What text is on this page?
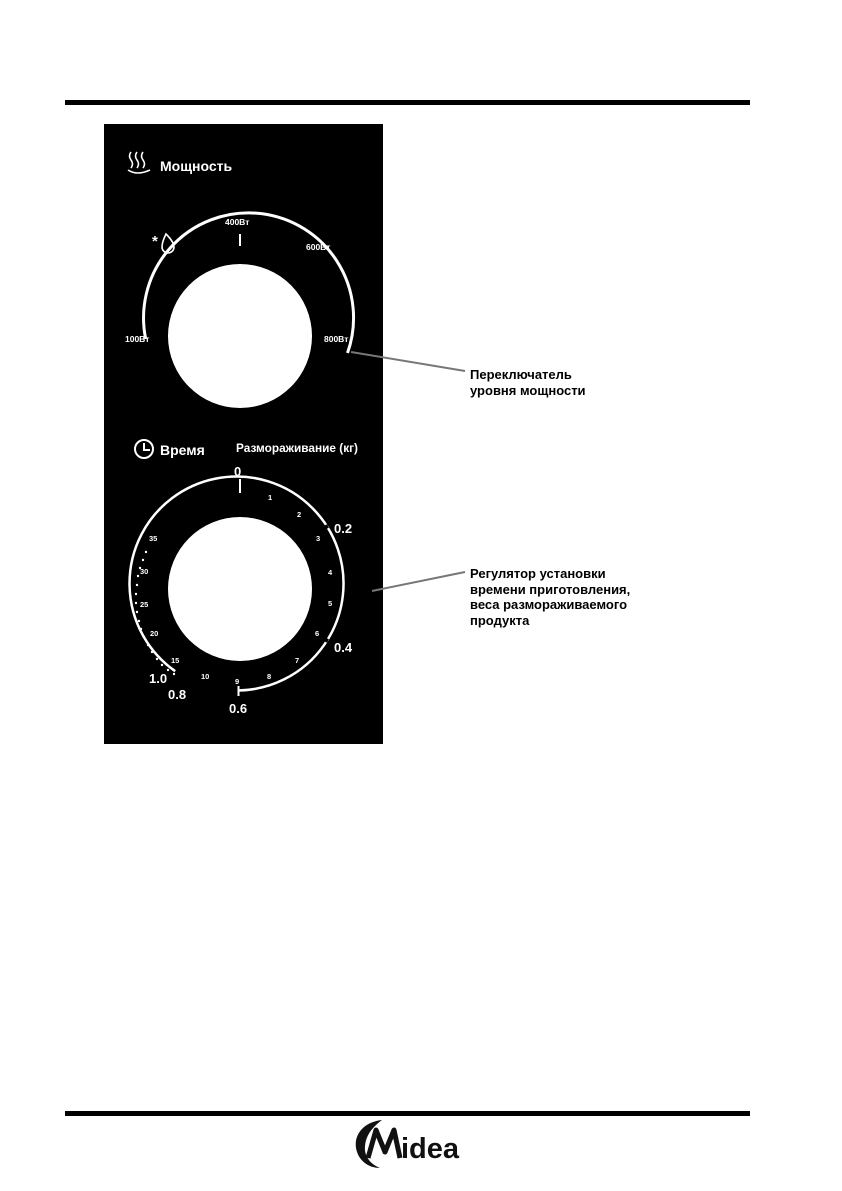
Мощность
100Вт
400Вт
600Вт
800Вт
*
Время	Размораживание (кг)
1
2
3
4
5
6
7
8
9
10
15
20
25
30
35
0
0.2
0.4
0.6
0.8
1.0
Переключатель
уровня мощности
Регулятор установки
времени приготовления,
веса размораживаемого
продукта
idea
